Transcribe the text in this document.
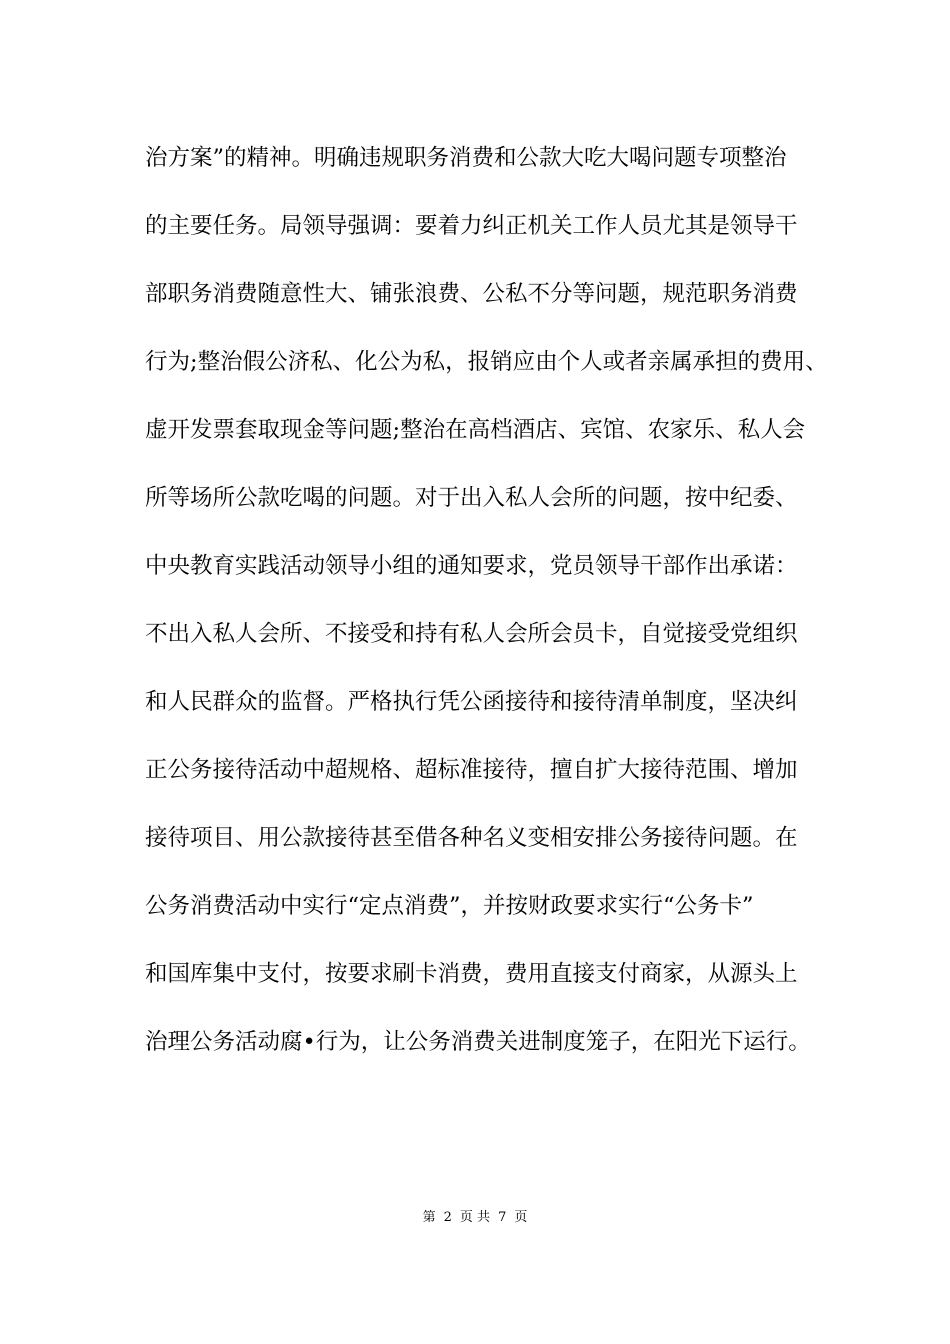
治方案”的精神。明确违规职务消费和公款大吃大喝问题专项整治
的主要任务。局领导强调：要着力纠正机关工作人员尤其是领导干
部职务消费随意性大、铺张浪费、公私不分等问题，规范职务消费
行为;整治假公济私、化公为私，报销应由个人或者亲属承担的费用、
虚开发票套取现金等问题;整治在高档酒店、宾馆、农家乐、私人会
所等场所公款吃喝的问题。对于出入私人会所的问题，按中纪委、
中央教育实践活动领导小组的通知要求，党员领导干部作出承诺：
不出入私人会所、不接受和持有私人会所会员卡，自觉接受党组织
和人民群众的监督。严格执行凭公函接待和接待清单制度，坚决纠
正公务接待活动中超规格、超标准接待，擅自扩大接待范围、增加
接待项目、用公款接待甚至借各种名义变相安排公务接待问题。在
公务消费活动中实行“定点消费”，并按财政要求实行“公务卡”
和国库集中支付，按要求刷卡消费，费用直接支付商家，从源头上
治理公务活动腐•行为，让公务消费关进制度笼子，在阳光下运行。
第 2 页 共 7 页
